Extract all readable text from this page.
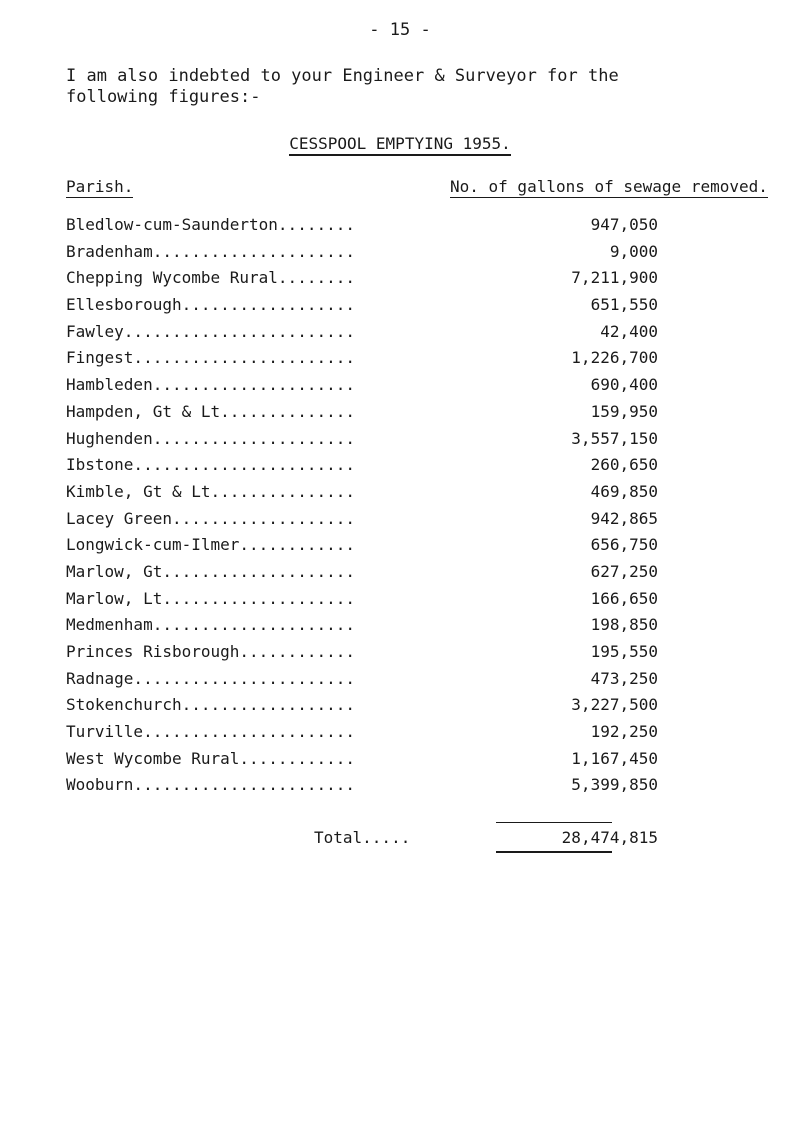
- 15 -
I am also indebted to your Engineer & Surveyor for the
following figures:-
CESSPOOL EMPTYING 1955.
Parish.	No. of gallons of sewage removed.
Bledlow-cum-Saunderton........	947,050
Bradenham.....................	9,000
Chepping Wycombe Rural........	7,211,900
Ellesborough..................	651,550
Fawley........................	42,400
Fingest.......................	1,226,700
Hambleden.....................	690,400
Hampden, Gt & Lt..............	159,950
Hughenden.....................	3,557,150
Ibstone.......................	260,650
Kimble, Gt & Lt...............	469,850
Lacey Green...................	942,865
Longwick-cum-Ilmer............	656,750
Marlow, Gt....................	627,250
Marlow, Lt....................	166,650
Medmenham.....................	198,850
Princes Risborough............	195,550
Radnage.......................	473,250
Stokenchurch..................	3,227,500
Turville......................	192,250
West Wycombe Rural............	1,167,450
Wooburn.......................	5,399,850
Total.....	28,474,815
